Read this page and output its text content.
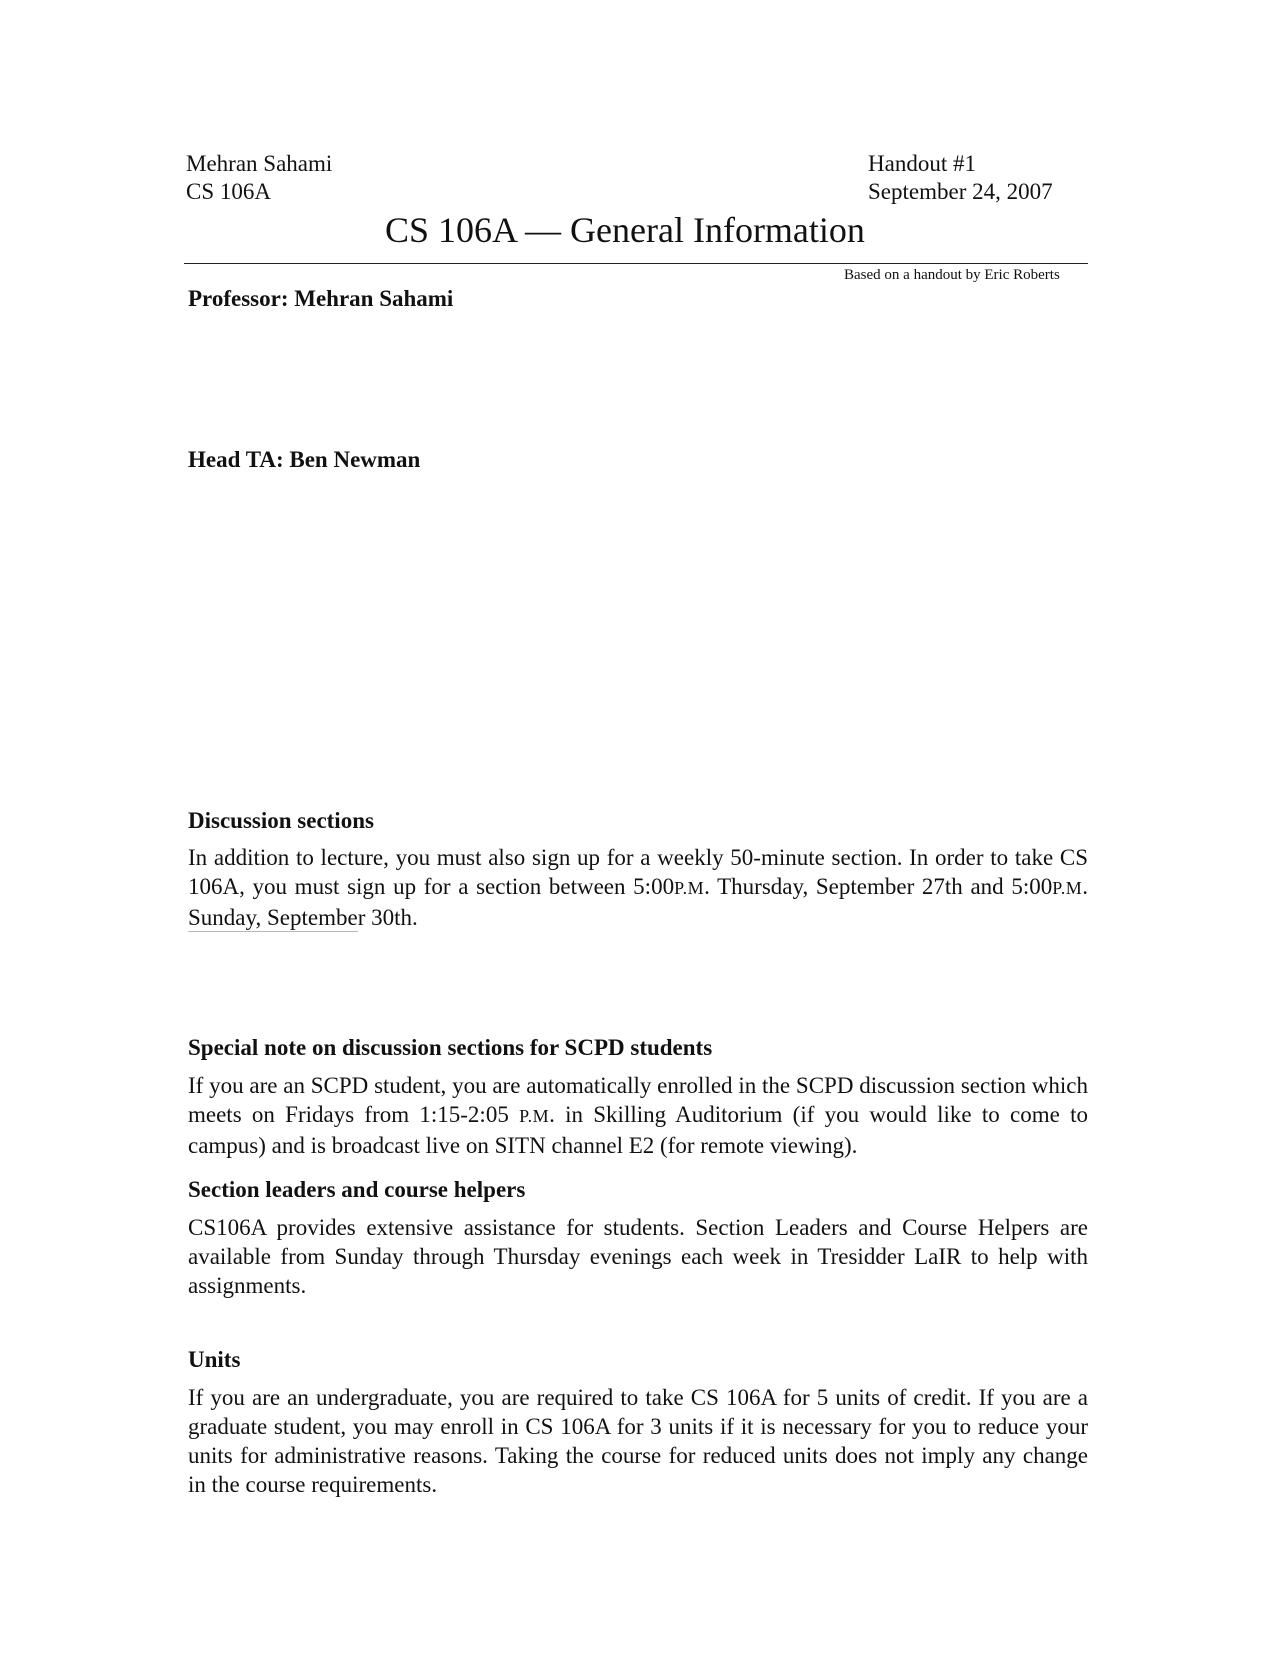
Mehran Sahami
CS 106A
Handout #1
September 24, 2007
CS 106A — General Information
Based on a handout by Eric Roberts
Professor: Mehran Sahami
Head TA: Ben Newman
Discussion sections
In addition to lecture, you must also sign up for a weekly 50-minute section. In order to take CS 106A, you must sign up for a section between 5:00P.M. Thursday, September 27th and 5:00P.M. Sunday, September 30th.
Special note on discussion sections for SCPD students
If you are an SCPD student, you are automatically enrolled in the SCPD discussion section which meets on Fridays from 1:15-2:05 P.M. in Skilling Auditorium (if you would like to come to campus) and is broadcast live on SITN channel E2 (for remote viewing).
Section leaders and course helpers
CS106A provides extensive assistance for students. Section Leaders and Course Helpers are available from Sunday through Thursday evenings each week in Tresidder LaIR to help with assignments.
Units
If you are an undergraduate, you are required to take CS 106A for 5 units of credit. If you are a graduate student, you may enroll in CS 106A for 3 units if it is necessary for you to reduce your units for administrative reasons. Taking the course for reduced units does not imply any change in the course requirements.
